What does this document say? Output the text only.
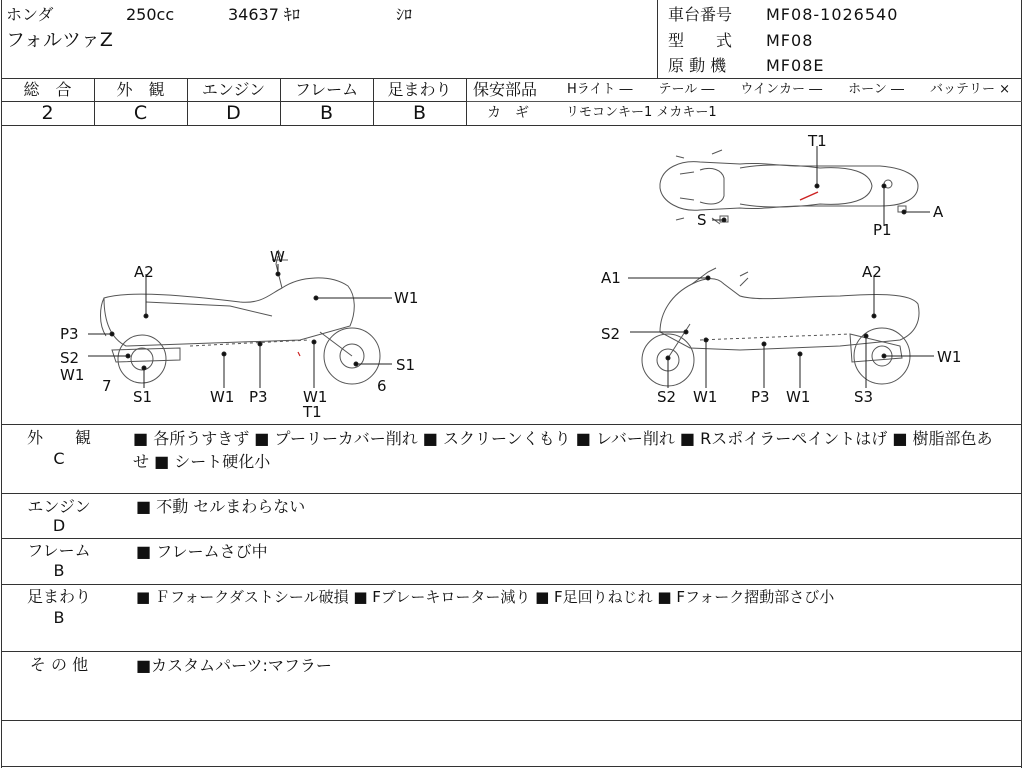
ホンダ	250cc	34637 ｷﾛ	ｼﾛ
フォルツァZ
車台番号 MF08-1026540
型　　式 MF08
原 動 機 MF08E
総　合	外　観	エンジン	フレーム	足まわり
2	C	D	B	B
保安部品 Hライト ―　　テール ―　　ウインカー ―　　ホーン ―　　バッテリー ×
カ　ギ	リモコンキー1 メカキー1
T1
S
P1
A
W
A2
W1
P3
S2
W1
7
S1	W1 P3 W1
T1
6
S1
A1	A2
S2
W1
S2 W1 P3 W1	S3
外　　観
C
■ 各所うすきず ■ プーリーカバー削れ ■ スクリーンくもり ■ レバー削れ ■ Rスポイラーペイントはげ ■ 樹脂部色あせ ■ シート硬化小
エンジン
D
■ 不動 セルまわらない
フレーム
B
■ フレームさび中
足まわり
B
■ Ｆフォークダストシール破損 ■ Fブレーキローター減り ■ F足回りねじれ ■ Fフォーク摺動部さび小
そ の 他	■カスタムパーツ:マフラー
